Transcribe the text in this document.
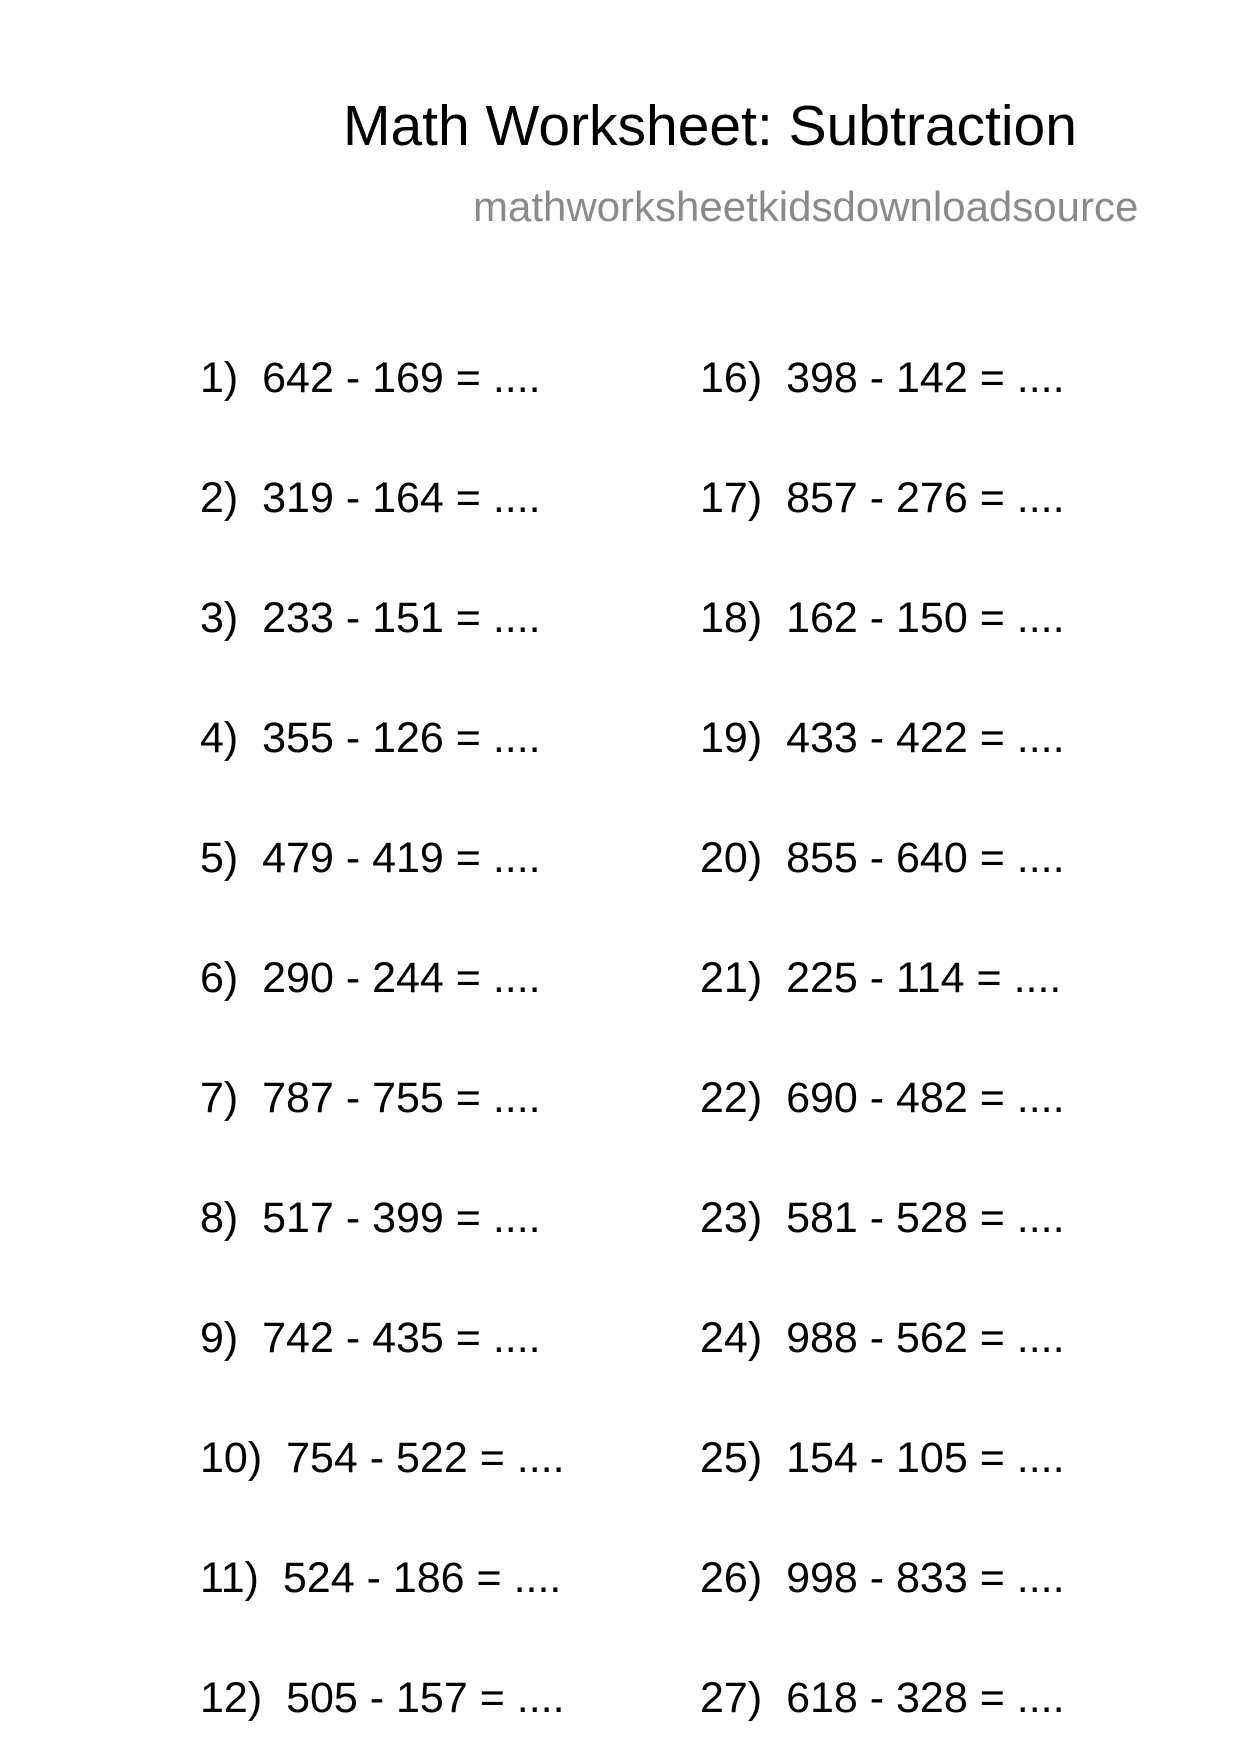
Math Worksheet: Subtraction
mathworksheetkidsdownloadsource
1) 642 - 169 = ....
2) 319 - 164 = ....
3) 233 - 151 = ....
4) 355 - 126 = ....
5) 479 - 419 = ....
6) 290 - 244 = ....
7) 787 - 755 = ....
8) 517 - 399 = ....
9) 742 - 435 = ....
10) 754 - 522 = ....
11) 524 - 186 = ....
12) 505 - 157 = ....
16) 398 - 142 = ....
17) 857 - 276 = ....
18) 162 - 150 = ....
19) 433 - 422 = ....
20) 855 - 640 = ....
21) 225 - 114 = ....
22) 690 - 482 = ....
23) 581 - 528 = ....
24) 988 - 562 = ....
25) 154 - 105 = ....
26) 998 - 833 = ....
27) 618 - 328 = ....
